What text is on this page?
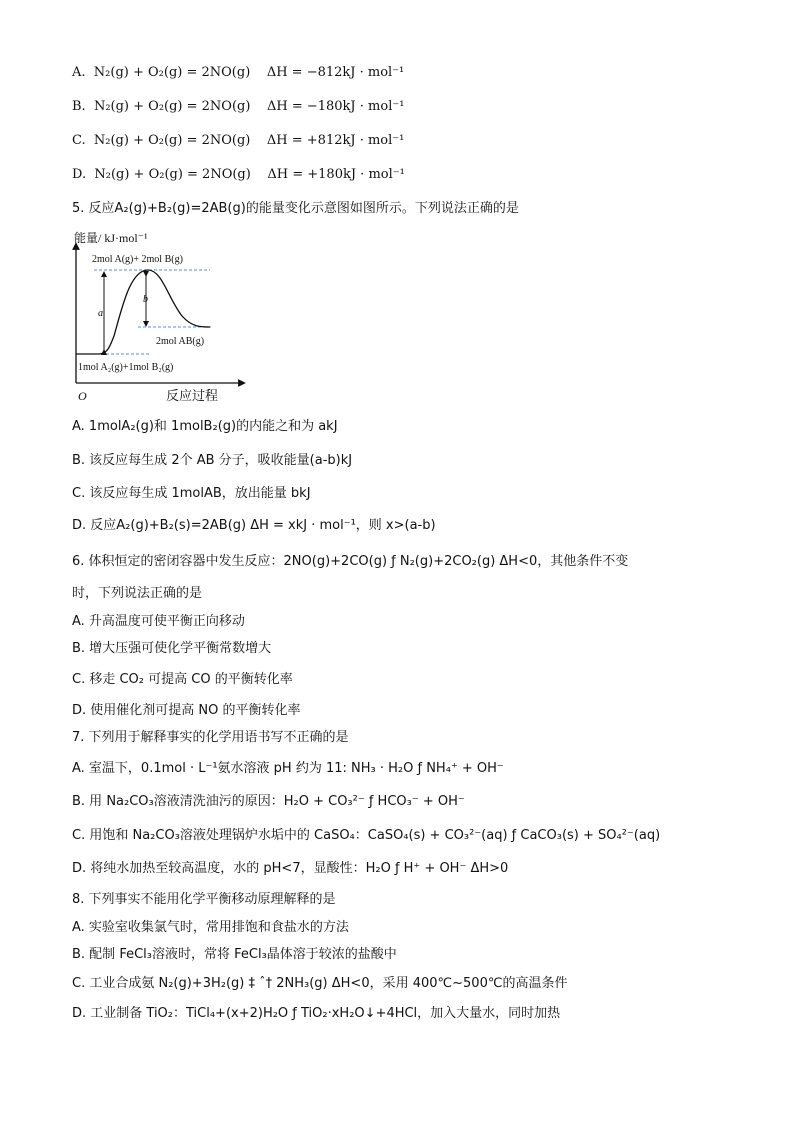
A. N₂(g) + O₂(g) = 2NO(g) ΔH = −812kJ · mol⁻¹
B. N₂(g) + O₂(g) = 2NO(g) ΔH = −180kJ · mol⁻¹
C. N₂(g) + O₂(g) = 2NO(g) ΔH = +812kJ · mol⁻¹
D. N₂(g) + O₂(g) = 2NO(g) ΔH = +180kJ · mol⁻¹
5. 反应A₂(g)+B₂(g)=2AB(g)的能量变化示意图如图所示。下列说法正确的是
能量/ kJ·mol⁻¹
2mol A(g)+ 2mol B(g)
a
b
2mol AB(g)
1mol A₂(g)+1mol B₂(g)
O	反应过程
A. 1molA₂(g)和 1molB₂(g)的内能之和为 akJ
B. 该反应每生成 2个 AB 分子，吸收能量(a-b)kJ
C. 该反应每生成 1molAB，放出能量 bkJ
D. 反应A₂(g)+B₂(s)=2AB(g) ΔH = xkJ · mol⁻¹，则 x>(a-b)
6. 体积恒定的密闭容器中发生反应：2NO(g)+2CO(g) ƒ N₂(g)+2CO₂(g) ΔH<0，其他条件不变
时，下列说法正确的是
A. 升高温度可使平衡正向移动
B. 增大压强可使化学平衡常数增大
C. 移走 CO₂ 可提高 CO 的平衡转化率
D. 使用催化剂可提高 NO 的平衡转化率
7. 下列用于解释事实的化学用语书写不正确的是
A. 室温下，0.1mol · L⁻¹氨水溶液 pH 约为 11: NH₃ · H₂O ƒ NH₄⁺ + OH⁻
B. 用 Na₂CO₃溶液清洗油污的原因：H₂O + CO₃²⁻ ƒ HCO₃⁻ + OH⁻
C. 用饱和 Na₂CO₃溶液处理锅炉水垢中的 CaSO₄：CaSO₄(s) + CO₃²⁻(aq) ƒ CaCO₃(s) + SO₄²⁻(aq)
D. 将纯水加热至较高温度，水的 pH<7，显酸性：H₂O ƒ H⁺ + OH⁻ ΔH>0
8. 下列事实不能用化学平衡移动原理解释的是
A. 实验室收集氯气时，常用排饱和食盐水的方法
B. 配制 FeCl₃溶液时，常将 FeCl₃晶体溶于较浓的盐酸中
C. 工业合成氨 N₂(g)+3H₂(g) ‡ ˆ† 2NH₃(g) ΔH<0，采用 400℃~500℃的高温条件
D. 工业制备 TiO₂：TiCl₄+(x+2)H₂O ƒ TiO₂·xH₂O↓+4HCl，加入大量水，同时加热
